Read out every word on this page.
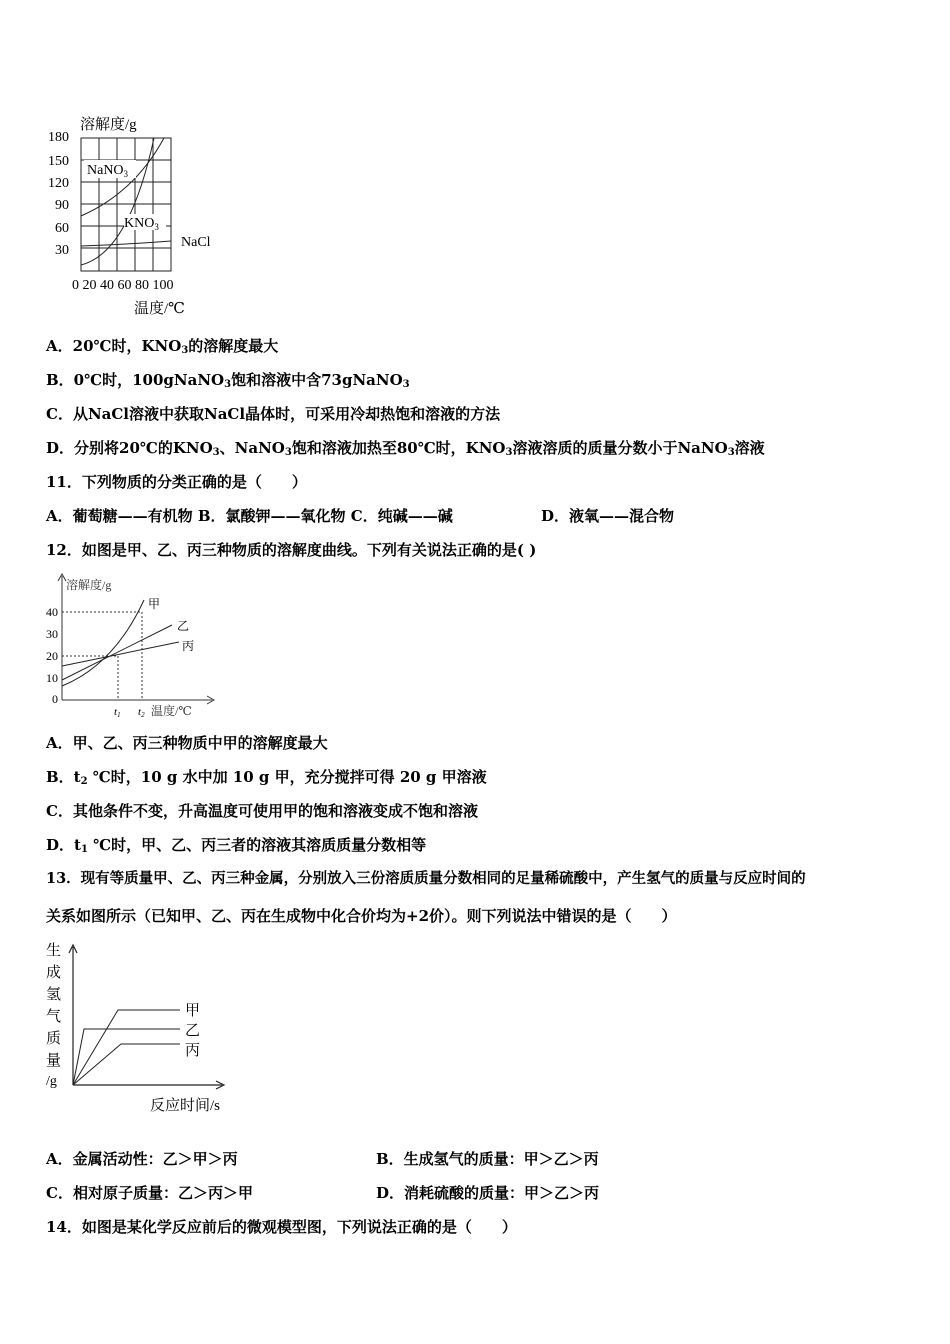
溶解度/g
180
150
120
90
60
30
NaNO$_3$
$KNO_3$
NaCl
0 20 40 60 80 100
温度/℃
A．20℃时，$KNO_3$的溶解度最大
B．0℃时，100gNaNO$_3$饱和溶液中含73gNaNO$_3$
C．从NaCl溶液中获取NaCl晶体时，可采用冷却热饱和溶液的方法
D．分别将20℃的$KNO_3$、NaNO$_3$饱和溶液加热至80℃时，$KNO_3$溶液溶质的质量分数小于NaNO$_3$溶液
11．下列物质的分类正确的是（　　）
A．葡萄糖——有机物 B．氯酸钾——氧化物 C．纯碱——碱	D．液氧——混合物
12．如图是甲、乙、丙三种物质的溶解度曲线。下列有关说法正确的是( )
溶解度/g
40
30
20
10
0
甲
乙
丙
t1 t2 温度/℃
A．甲、乙、丙三种物质中甲的溶解度最大
B．$t_2$ ℃时，10 g 水中加 10 g 甲，充分搅拌可得 20 g 甲溶液
C．其他条件不变，升高温度可使用甲的饱和溶液变成不饱和溶液
D．$t_1$ ℃时，甲、乙、丙三者的溶液其溶质质量分数相等
13．现有等质量甲、乙、丙三种金属，分别放入三份溶质质量分数相同的足量稀硫酸中，产生氢气的质量与反应时间的
关系如图所示（已知甲、乙、丙在生成物中化合价均为+2价）。则下列说法中错误的是（　　）
生
成
氢
气
质
量
/g
甲
乙
丙
反应时间/s
A．金属活动性：乙＞甲＞丙	B．生成氢气的质量：甲＞乙＞丙
C．相对原子质量：乙＞丙＞甲	D．消耗硫酸的质量：甲＞乙＞丙
14．如图是某化学反应前后的微观模型图，下列说法正确的是（　　）
